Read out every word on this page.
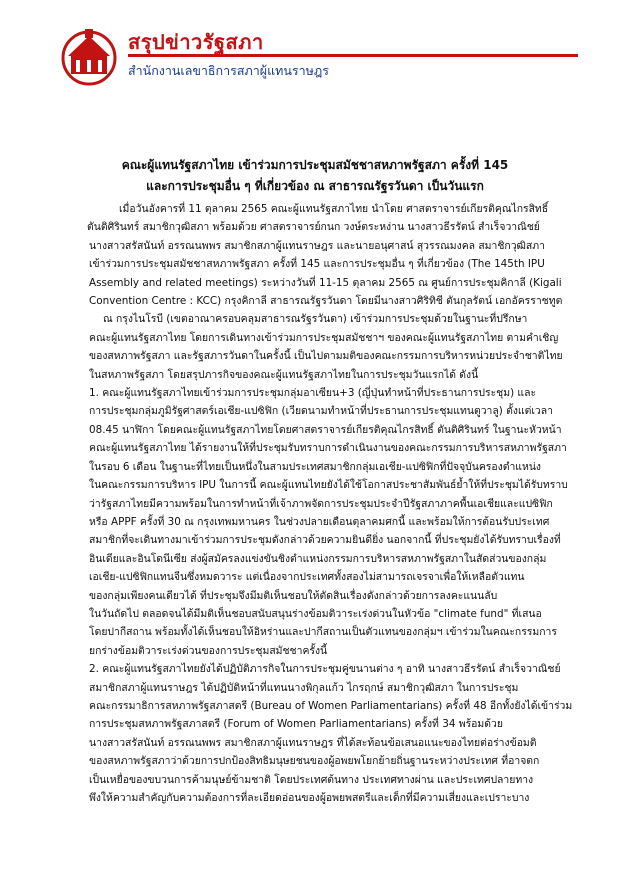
สรุปข่าวรัฐสภา
สำนักงานเลขาธิการสภาผู้แทนราษฎร
คณะผู้แทนรัฐสภาไทย เข้าร่วมการประชุมสมัชชาสหภาพรัฐสภา ครั้งที่ 145
และการประชุมอื่น ๆ ที่เกี่ยวข้อง ณ สาธารณรัฐรวันดา เป็นวันแรก
เมื่อวันอังคารที่ 11 ตุลาคม 2565 คณะผู้แทนรัฐสภาไทย นำโดย ศาสตราจารย์เกียรติคุณไกรสิทธิ์
ตันติศิรินทร์ สมาชิกวุฒิสภา พร้อมด้วย ศาสตราจารย์กนก วงษ์ตระหง่าน นางสาวธีรรัตน์ สำเร็จวาณิชย์
นางสาวสรัสนันท์ อรรณนพพร สมาชิกสภาผู้แทนราษฎร และนายอนุศาสน์ สุวรรณมงคล สมาชิกวุฒิสภา
เข้าร่วมการประชุมสมัชชาสหภาพรัฐสภา ครั้งที่ 145 และการประชุมอื่น ๆ ที่เกี่ยวข้อง (The 145th IPU
Assembly and related meetings) ระหว่างวันที่ 11-15 ตุลาคม 2565 ณ ศูนย์การประชุมคิกาลี (Kigali
Convention Centre : KCC) กรุงคิกาลี สาธารณรัฐรวันดา โดยมีนางสาวศิริทิชี ตันกุลรัตน์ เอกอัครราชทูต
ณ กรุงไนโรบี (เขตอาณาครอบคลุมสาธารณรัฐรวันดา) เข้าร่วมการประชุมด้วยในฐานะที่ปรึกษา
คณะผู้แทนรัฐสภาไทย โดยการเดินทางเข้าร่วมการประชุมสมัชชาฯ ของคณะผู้แทนรัฐสภาไทย ตามคำเชิญ
ของสหภาพรัฐสภา และรัฐสภารวันดาในครั้งนี้ เป็นไปตามมติของคณะกรรมการบริหารหน่วยประจำชาติไทย
ในสหภาพรัฐสภา โดยสรุปภารกิจของคณะผู้แทนรัฐสภาไทยในการประชุมวันแรกได้ ดังนี้
1. คณะผู้แทนรัฐสภาไทยเข้าร่วมการประชุมกลุ่มอาเซียน+3 (ญี่ปุ่นทำหน้าที่ประธานการประชุม) และ
การประชุมกลุ่มภูมิรัฐศาสตร์เอเชีย-แปซิฟิก (เวียดนามทำหน้าที่ประธานการประชุมแทนตูวาลู) ตั้งแต่เวลา
08.45 นาฬิกา โดยคณะผู้แทนรัฐสภาไทยโดยศาสตราจารย์เกียรติคุณไกรสิทธิ์ ตันติศิรินทร์ ในฐานะหัวหน้า
คณะผู้แทนรัฐสภาไทย ได้รายงานให้ที่ประชุมรับทราบการดำเนินงานของคณะกรรมการบริหารสหภาพรัฐสภา
ในรอบ 6 เดือน ในฐานะที่ไทยเป็นหนึ่งในสามประเทศสมาชิกกลุ่มเอเชีย-แปซิฟิกที่ปัจจุบันครองตำแหน่ง
ในคณะกรรมการบริหาร IPU ในการนี้ คณะผู้แทนไทยยังได้ใช้โอกาสประชาสัมพันธ์ย้ำให้ที่ประชุมได้รับทราบ
ว่ารัฐสภาไทยมีความพร้อมในการทำหน้าที่เจ้าภาพจัดการประชุมประจำปีรัฐสภาภาคพื้นเอเชียและแปซิฟิก
หรือ APPF ครั้งที่ 30 ณ กรุงเทพมหานคร ในช่วงปลายเดือนตุลาคมศกนี้ และพร้อมให้การต้อนรับประเทศ
สมาชิกที่จะเดินทางมาเข้าร่วมการประชุมดังกล่าวด้วยความยินดียิ่ง นอกจากนี้ ที่ประชุมยังได้รับทราบเรื่องที่
อินเดียและอินโดนีเซีย ส่งผู้สมัครลงแข่งขันชิงตำแหน่งกรรมการบริหารสหภาพรัฐสภาในสัดส่วนของกลุ่ม
เอเชีย-แปซิฟิกแทนจีนซึ่งหมดวาระ แต่เนื่องจากประเทศทั้งสองไม่สามารถเจรจาเพื่อให้เหลือตัวแทน
ของกลุ่มเพียงคนเดียวได้ ที่ประชุมจึงมีมติเห็นชอบให้ตัดสินเรื่องดังกล่าวด้วยการลงคะแนนลับ
ในวันถัดไป ตลอดจนได้มีมติเห็นชอบสนับสนุนร่างข้อมติวาระเร่งด่วนในหัวข้อ "climate fund" ที่เสนอ
โดยปากีสถาน พร้อมทั้งได้เห็นชอบให้อิหร่านและปากีสถานเป็นตัวแทนของกลุ่มฯ เข้าร่วมในคณะกรรมการ
ยกร่างข้อมติวาระเร่งด่วนของการประชุมสมัชชาครั้งนี้
2. คณะผู้แทนรัฐสภาไทยยังได้ปฏิบัติภารกิจในการประชุมคู่ขนานต่าง ๆ อาทิ นางสาวธีรรัตน์ สำเร็จวาณิชย์
สมาชิกสภาผู้แทนราษฎร ได้ปฏิบัติหน้าที่แทนนางพิกุลแก้ว ไกรฤกษ์ สมาชิกวุฒิสภา ในการประชุม
คณะกรรมาธิการสหภาพรัฐสภาสตรี (Bureau of Women Parliamentarians) ครั้งที่ 48 อีกทั้งยังได้เข้าร่วม
การประชุมสหภาพรัฐสภาสตรี (Forum of Women Parliamentarians) ครั้งที่ 34 พร้อมด้วย
นางสาวสรัสนันท์ อรรณนพพร สมาชิกสภาผู้แทนราษฎร ที่ได้สะท้อนข้อเสนอแนะของไทยต่อร่างข้อมติ
ของสหภาพรัฐสภาว่าด้วยการปกป้องสิทธิมนุษยชนของผู้อพยพโยกย้ายถิ่นฐานระหว่างประเทศ ที่อาจตก
เป็นเหยื่อของขบวนการค้ามนุษย์ข้ามชาติ โดยประเทศต้นทาง ประเทศทางผ่าน และประเทศปลายทาง
พึงให้ความสำคัญกับความต้องการที่ละเอียดอ่อนของผู้อพยพสตรีและเด็กที่มีความเสี่ยงและเปราะบาง
